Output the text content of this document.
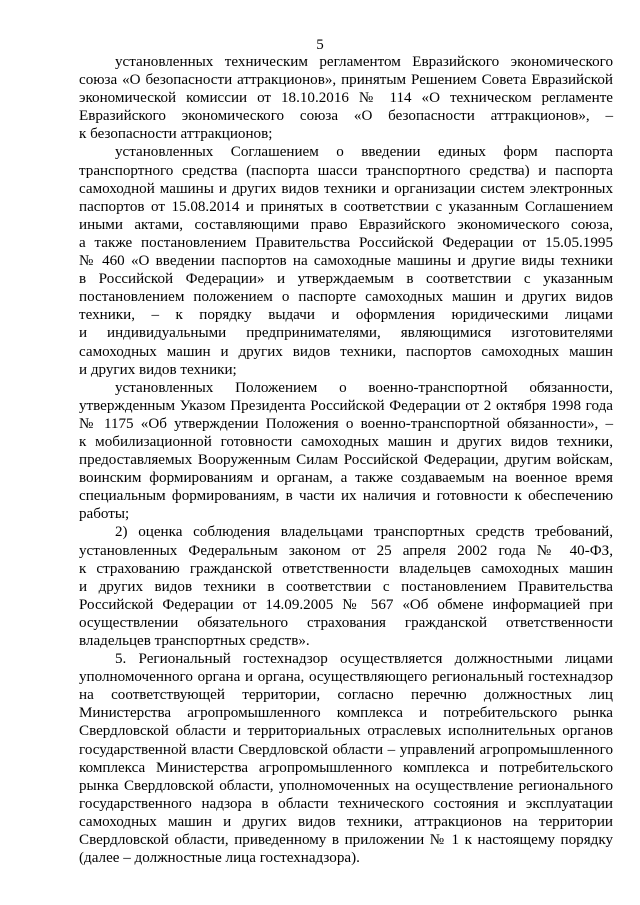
5
установленных техническим регламентом Евразийского экономического
союза «О безопасности аттракционов», принятым Решением Совета Евразийской
экономической комиссии от 18.10.2016 № 114 «О техническом регламенте
Евразийского экономического союза «О безопасности аттракционов», –
к безопасности аттракционов;
установленных Соглашением о введении единых форм паспорта
транспортного средства (паспорта шасси транспортного средства) и паспорта
самоходной машины и других видов техники и организации систем электронных
паспортов от 15.08.2014 и принятых в соответствии с указанным Соглашением
иными актами, составляющими право Евразийского экономического союза,
а также постановлением Правительства Российской Федерации от 15.05.1995
№ 460 «О введении паспортов на самоходные машины и другие виды техники
в Российской Федерации» и утверждаемым в соответствии с указанным
постановлением положением о паспорте самоходных машин и других видов
техники, – к порядку выдачи и оформления юридическими лицами
и индивидуальными предпринимателями, являющимися изготовителями
самоходных машин и других видов техники, паспортов самоходных машин
и других видов техники;
установленных Положением о военно-транспортной обязанности,
утвержденным Указом Президента Российской Федерации от 2 октября 1998 года
№ 1175 «Об утверждении Положения о военно-транспортной обязанности», –
к мобилизационной готовности самоходных машин и других видов техники,
предоставляемых Вооруженным Силам Российской Федерации, другим войскам,
воинским формированиям и органам, а также создаваемым на военное время
специальным формированиям, в части их наличия и готовности к обеспечению
работы;
2) оценка соблюдения владельцами транспортных средств требований,
установленных Федеральным законом от 25 апреля 2002 года № 40-ФЗ,
к страхованию гражданской ответственности владельцев самоходных машин
и других видов техники в соответствии с постановлением Правительства
Российской Федерации от 14.09.2005 № 567 «Об обмене информацией при
осуществлении обязательного страхования гражданской ответственности
владельцев транспортных средств».
5. Региональный гостехнадзор осуществляется должностными лицами
уполномоченного органа и органа, осуществляющего региональный гостехнадзор
на соответствующей территории, согласно перечню должностных лиц
Министерства агропромышленного комплекса и потребительского рынка
Свердловской области и территориальных отраслевых исполнительных органов
государственной власти Свердловской области – управлений агропромышленного
комплекса Министерства агропромышленного комплекса и потребительского
рынка Свердловской области, уполномоченных на осуществление регионального
государственного надзора в области технического состояния и эксплуатации
самоходных машин и других видов техники, аттракционов на территории
Свердловской области, приведенному в приложении № 1 к настоящему порядку
(далее – должностные лица гостехнадзора).
